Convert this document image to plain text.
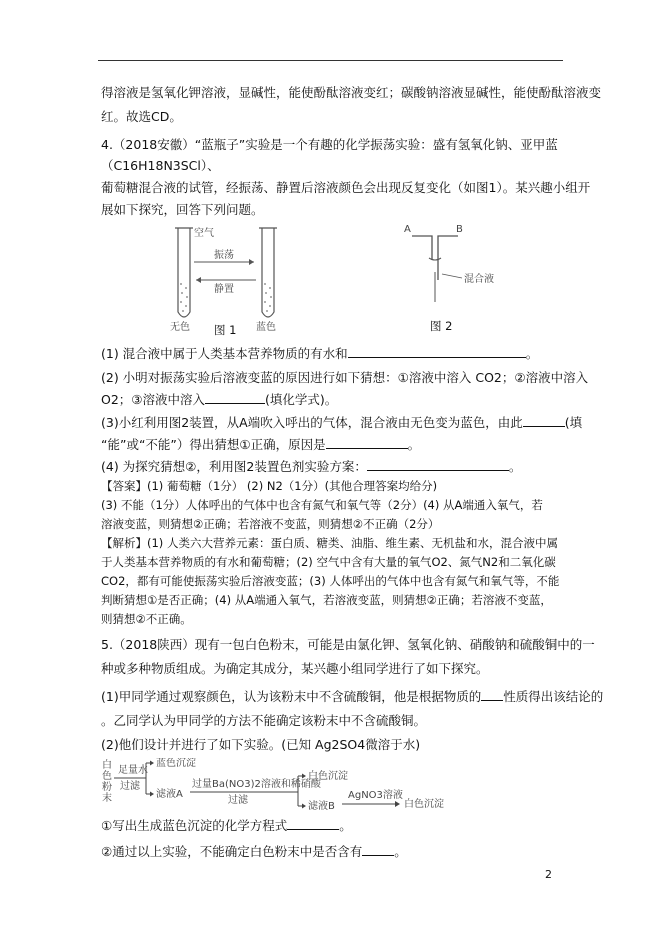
得溶液是氢氧化钾溶液，显碱性，能使酚酞溶液变红；碳酸钠溶液显碱性，能使酚酞溶液变
红。故选CD。
4.（2018安徽）“蓝瓶子”实验是一个有趣的化学振荡实验：盛有氢氧化钠、亚甲蓝
（C16H18N3SCl）、
葡萄糖混合液的试管，经振荡、静置后溶液颜色会出现反复变化（如图1）。某兴趣小组开
展如下探究，回答下列问题。
空气
振荡
静置
无色	蓝色
图 1
A	B
混合液
图 2
(1) 混合液中属于人类基本营养物质的有水和	。
(2) 小明对振荡实验后溶液变蓝的原因进行如下猜想：①溶液中溶入 CO2；②溶液中溶入
O2；③溶液中溶入	(填化学式)。
(3)小红利用图2装置，从A端吹入呼出的气体，混合液由无色变为蓝色，由此	(填
“能”或“不能”）得出猜想①正确，原因是	。
(4) 为探究猜想②，利用图2装置色剂实验方案：	。
【答案】(1) 葡萄糖（1分） (2) N2（1分）(其他合理答案均给分)
(3) 不能（1分）人体呼出的气体中也含有氮气和氧气等（2分）(4) 从A端通入氧气，若
溶液变蓝，则猜想②正确；若溶液不变蓝，则猜想②不正确（2分）
【解析】(1) 人类六大营养元素：蛋白质、糖类、油脂、维生素、无机盐和水，混合液中属
于人类基本营养物质的有水和葡萄糖；(2) 空气中含有大量的氧气O2、氮气N2和二氧化碳
CO2，都有可能使振荡实验后溶液变蓝；(3) 人体呼出的气体中也含有氮气和氧气等，不能
判断猜想①是否正确；(4) 从A端通入氧气，若溶液变蓝，则猜想②正确；若溶液不变蓝，
则猜想②不正确。
5.（2018陕西）现有一包白色粉末，可能是由氯化钾、氢氧化钠、硝酸钠和硫酸铜中的一
种或多种物质组成。为确定其成分，某兴趣小组同学进行了如下探究。
(1)甲同学通过观察颜色，认为该粉末中不含硫酸铜，他是根据物质的 性质得出该结论的
。乙同学认为甲同学的方法不能确定该粉末中不含硫酸铜。
(2)他们设计并进行了如下实验。(已知 Ag2SO4微溶于水)
白
色
粉
末
足量水
过滤
蓝色沉淀
滤液A
过量Ba(NO3)2溶液和稀硝酸
过滤
白色沉淀
滤液B
AgNO3溶液
白色沉淀
①写出生成蓝色沉淀的化学方程式	。
②通过以上实验，不能确定白色粉末中是否含有	。
2
